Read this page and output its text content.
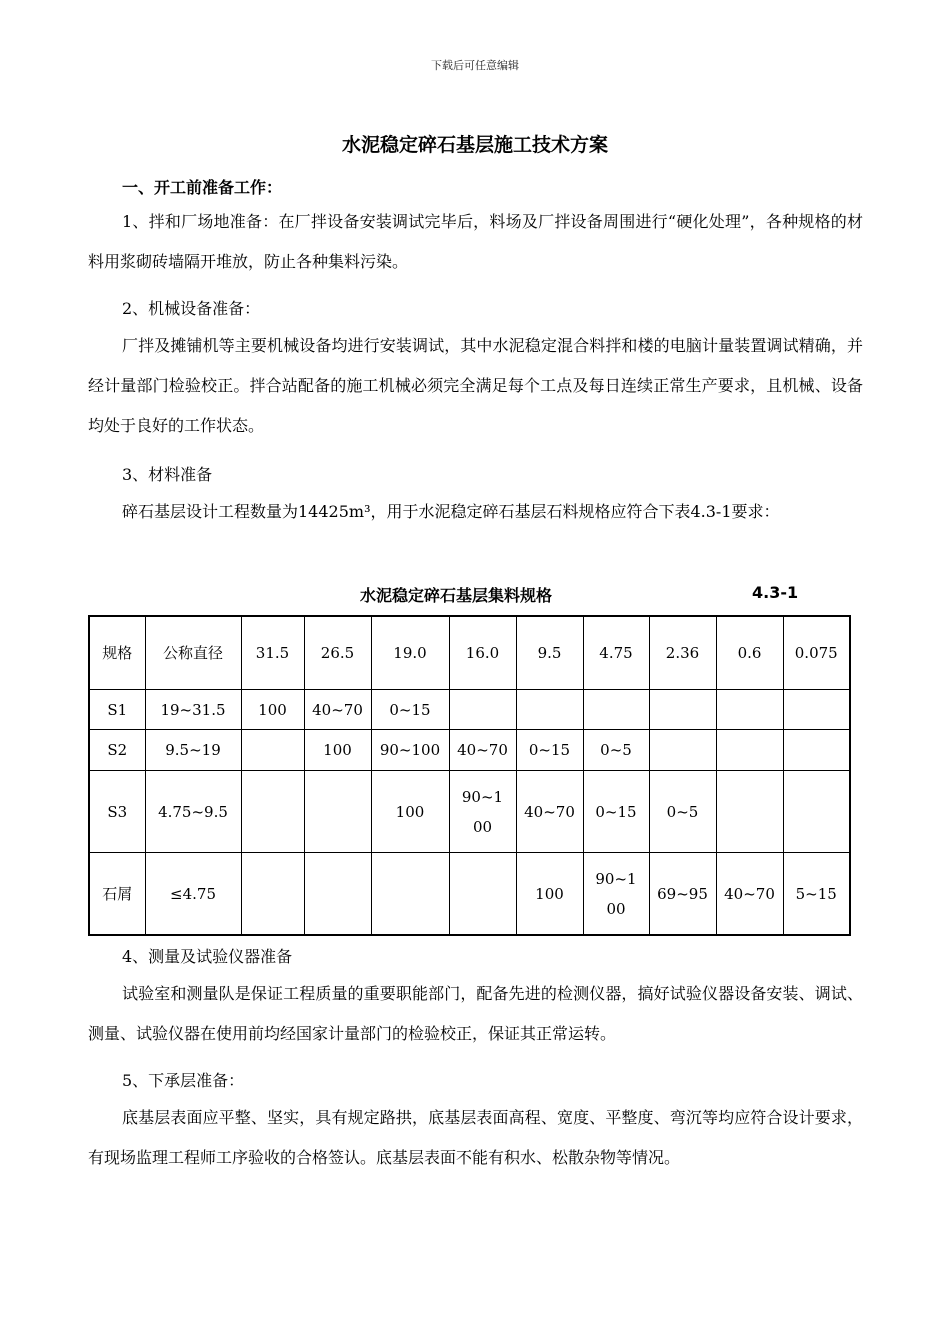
下载后可任意编辑
水泥稳定碎石基层施工技术方案
一、开工前准备工作：

1、拌和厂场地准备：在厂拌设备安装调试完毕后，料场及厂拌设备周围进行“硬化处理”，各种规格的材料用浆砌砖墙隔开堆放，防止各种集料污染。

2、机械设备准备：

厂拌及摊铺机等主要机械设备均进行安装调试，其中水泥稳定混合料拌和楼的电脑计量装置调试精确，并经计量部门检验校正。拌合站配备的施工机械必须完全满足每个工点及每日连续正常生产要求，且机械、设备均处于良好的工作状态。

3、材料准备

碎石基层设计工程数量为14425m³，用于水泥稳定碎石基层石料规格应符合下表4.3-1要求：

水泥稳定碎石基层集料规格	4.3-1
规格	公称直径	31.5	26.5	19.0	16.0	9.5	4.75	2.36	0.6	0.075
S1	19~31.5	100	40~70	0~15						
S2	9.5~19		100	90~100	40~70	0~15	0~5			
S3	4.75~9.5			100	90~100	40~70	0~15	0~5		
石屑	≤4.75					100	90~100	69~95	40~70	5~15
4、测量及试验仪器准备

试验室和测量队是保证工程质量的重要职能部门，配备先进的检测仪器，搞好试验仪器设备安装、调试、测量、试验仪器在使用前均经国家计量部门的检验校正，保证其正常运转。

5、下承层准备：

底基层表面应平整、坚实，具有规定路拱，底基层表面高程、宽度、平整度、弯沉等均应符合设计要求，有现场监理工程师工序验收的合格签认。底基层表面不能有积水、松散杂物等情况。
